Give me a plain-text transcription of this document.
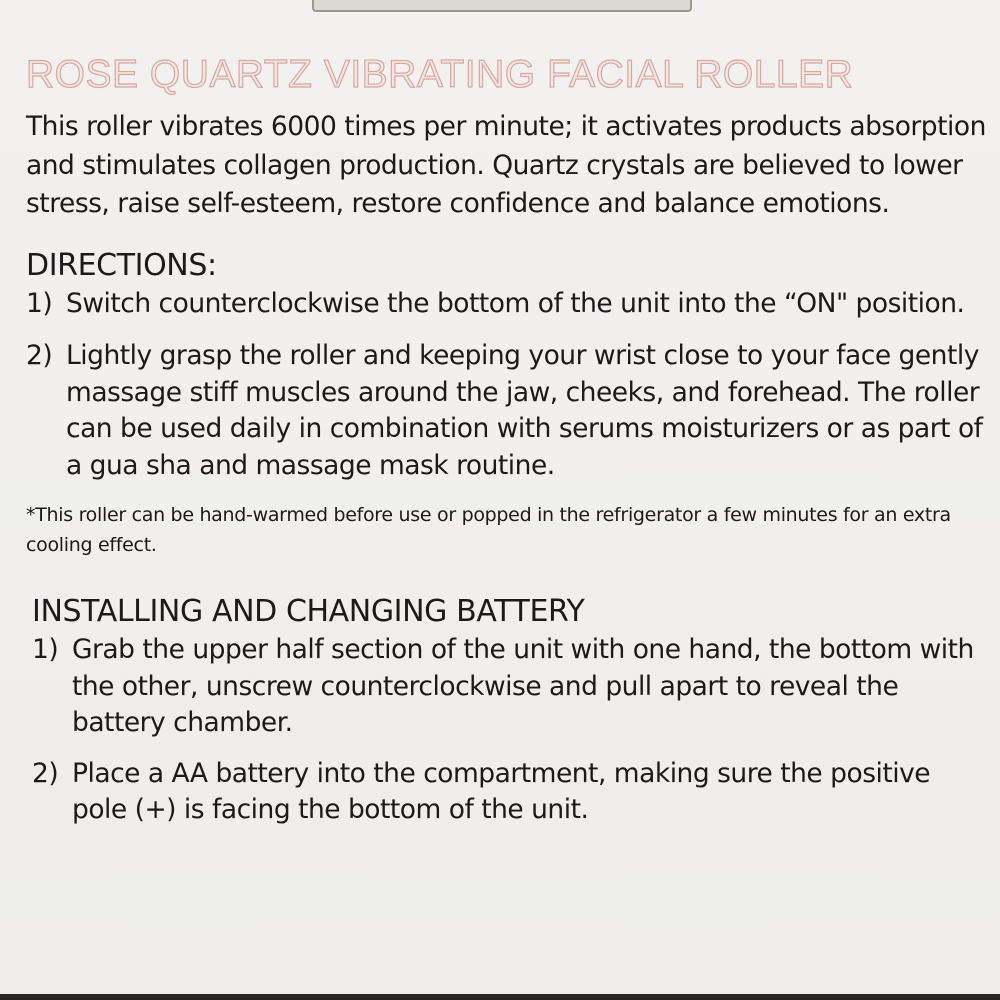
ROSE QUARTZ VIBRATING FACIAL ROLLER

This roller vibrates 6000 times per minute; it activates products absorption and stimulates collagen production. Quartz crystals are believed to lower stress, raise self-esteem, restore confidence and balance emotions.

DIRECTIONS:
1) Switch counterclockwise the bottom of the unit into the “ON" position.
2) Lightly grasp the roller and keeping your wrist close to your face gently massage stiff muscles around the jaw, cheeks, and forehead. The roller can be used daily in combination with serums moisturizers or as part of a gua sha and massage mask routine.

*This roller can be hand-warmed before use or popped in the refrigerator a few minutes for an extra cooling effect.

INSTALLING AND CHANGING BATTERY
1) Grab the upper half section of the unit with one hand, the bottom with the other, unscrew counterclockwise and pull apart to reveal the battery chamber.
2) Place a AA battery into the compartment, making sure the positive pole (+) is facing the bottom of the unit.
